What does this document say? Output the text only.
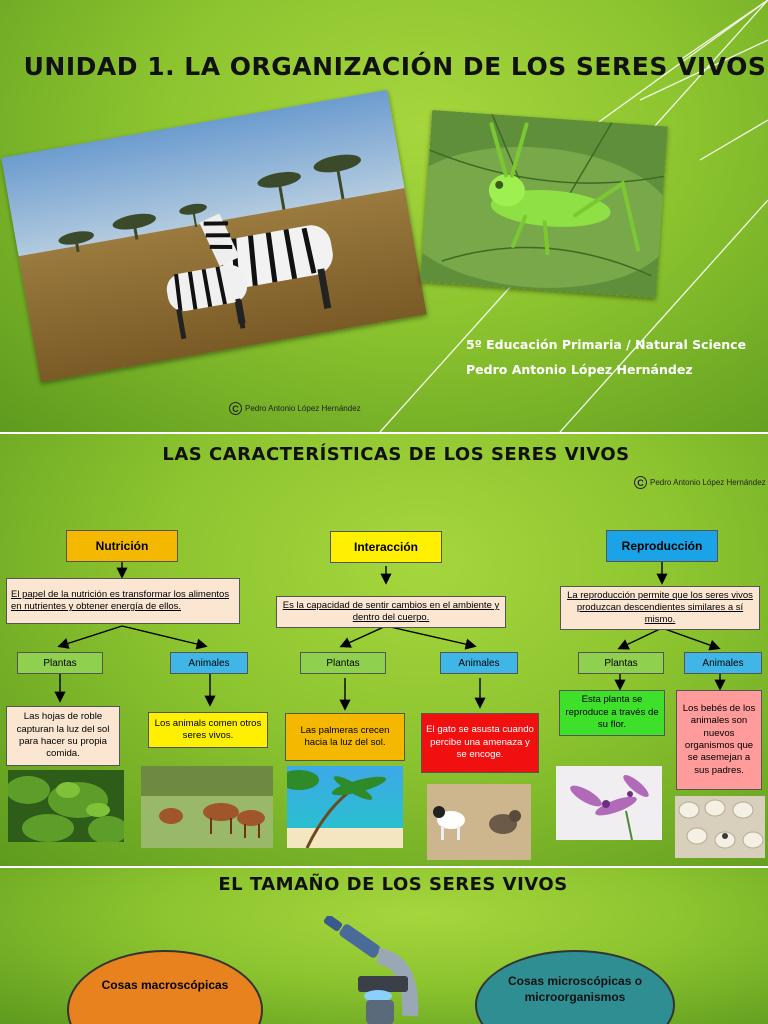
UNIDAD 1. LA ORGANIZACIÓN DE LOS SERES VIVOS
5º Educación Primaria / Natural Science
Pedro Antonio López Hernández
C Pedro Antonio López Hernández
LAS CARACTERÍSTICAS DE LOS SERES VIVOS
C Pedro Antonio López Hernández
Nutrición
El papel de la nutrición es transformar los alimentos en nutrientes y obtener energía de ellos.
Plantas	Animales
Las hojas de roble capturan la luz del sol para hacer su propia comida.
Los animals comen otros seres vivos.
Interacción
Es la capacidad de sentir cambios en el ambiente y dentro del cuerpo.
Plantas	Animales
Las palmeras crecen hacia la luz del sol.
El gato se asusta cuando percibe una amenaza y se encoge.
Reproducción
La reproducción permite que los seres vivos produzcan descendientes similares a sí mismo.
Plantas	Animales
Esta planta se reproduce a través de su flor.
Los bebés de los animales son nuevos organismos que se asemejan a sus padres.
EL TAMAÑO DE LOS SERES VIVOS
Cosas macroscópicas	Cosas microscópicas o microorganismos
